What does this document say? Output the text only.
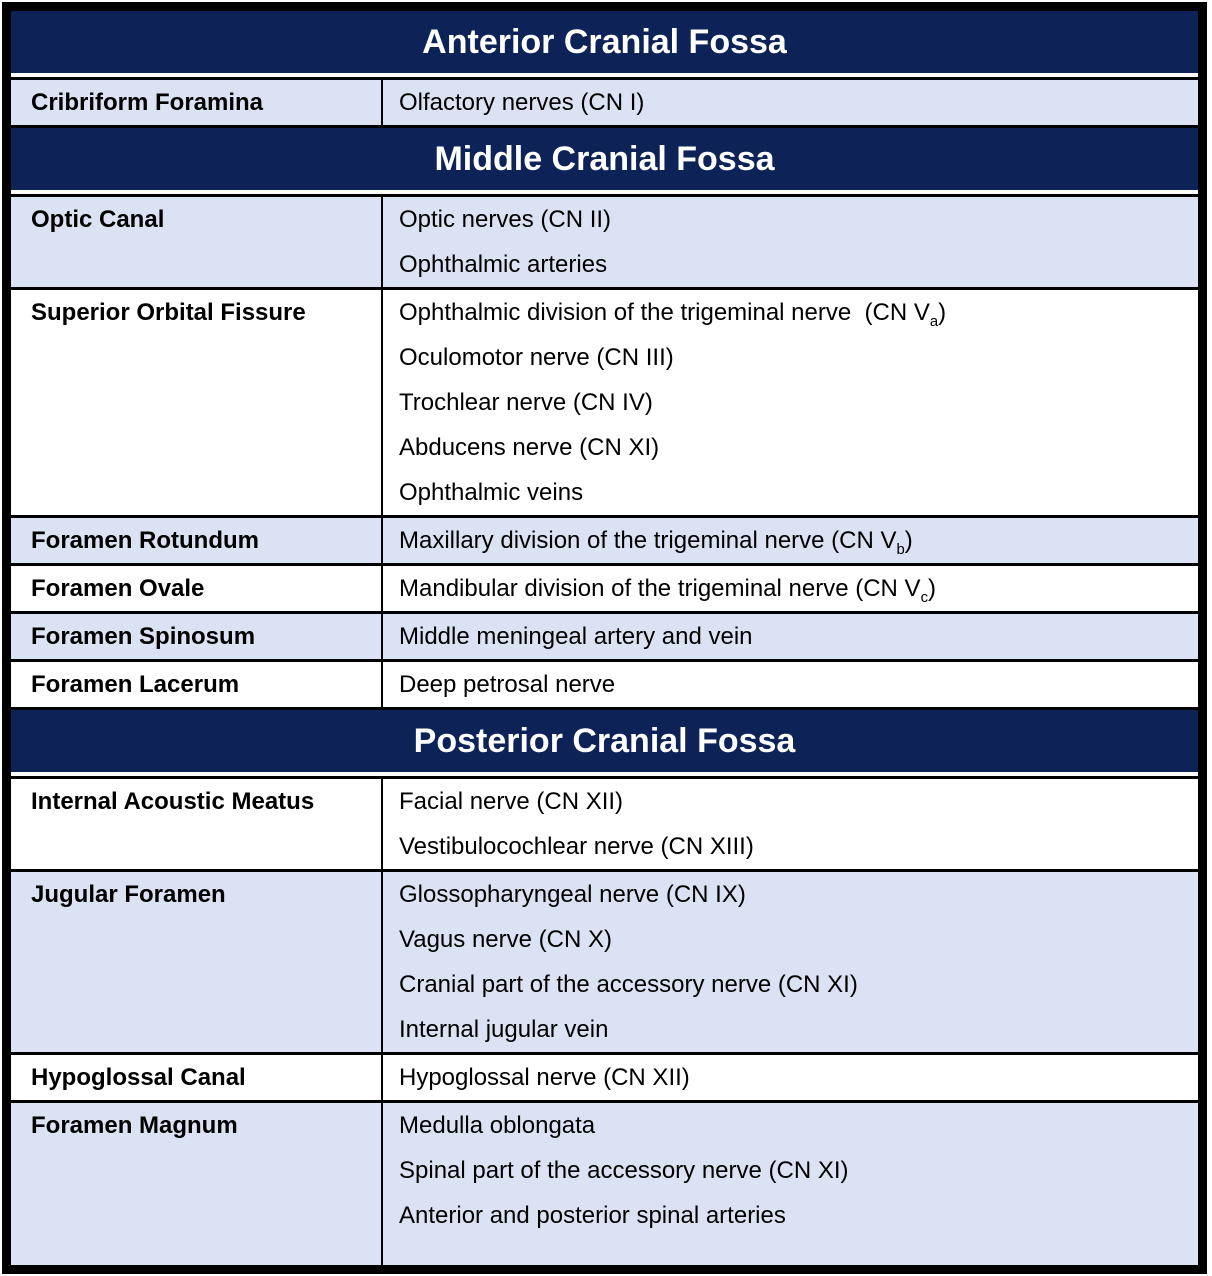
Anterior Cranial Fossa
Cribriform Foramina	Olfactory nerves (CN I)
Middle Cranial Fossa
Optic Canal	Optic nerves (CN II)
Ophthalmic arteries
Superior Orbital Fissure	Ophthalmic division of the trigeminal nerve  (CN $V_a$)
Oculomotor nerve (CN III)
Trochlear nerve (CN IV)
Abducens nerve (CN XI)
Ophthalmic veins
Foramen Rotundum	Maxillary division of the trigeminal nerve (CN $V_b$)
Foramen Ovale	Mandibular division of the trigeminal nerve (CN $V_c$)
Foramen Spinosum	Middle meningeal artery and vein
Foramen Lacerum	Deep petrosal nerve
Posterior Cranial Fossa
Internal Acoustic Meatus	Facial nerve (CN XII)
Vestibulocochlear nerve (CN XIII)
Jugular Foramen	Glossopharyngeal nerve (CN IX)
Vagus nerve (CN X)
Cranial part of the accessory nerve (CN XI)
Internal jugular vein
Hypoglossal Canal	Hypoglossal nerve (CN XII)
Foramen Magnum	Medulla oblongata
Spinal part of the accessory nerve (CN XI)
Anterior and posterior spinal arteries
